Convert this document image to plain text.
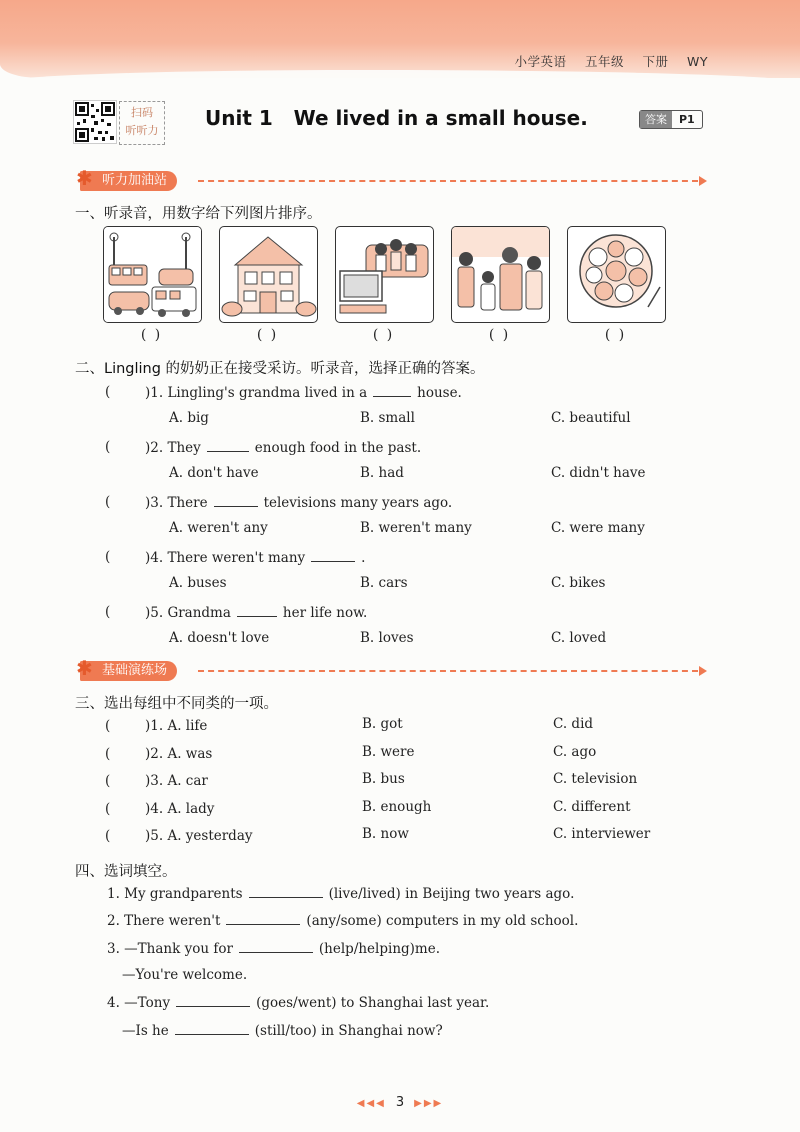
小学英语 五年级 下册 WY
扫码
听听力
Unit 1   We lived in a small house.	答案	P1
✱ 听力加油站
一、听录音，用数字给下列图片排序。
( )	( )	( )	( )	( )
二、Lingling 的奶奶正在接受采访。听录音，选择正确的答案。
(	)1. Lingling's grandma lived in a	house.
A. big	B. small	C. beautiful
(	)2. They	enough food in the past.
A. don't have	B. had	C. didn't have
(	)3. There	televisions many years ago.
A. weren't any	B. weren't many	C. were many
(	)4. There weren't many	.
A. buses	B. cars	C. bikes
(	)5. Grandma	her life now.
A. doesn't love	B. loves	C. loved
✱ 基础演练场
三、选出每组中不同类的一项。
(	)1. A. life	B. got	C. did
(	)2. A. was	B. were	C. ago
(	)3. A. car	B. bus	C. television
(	)4. A. lady	B. enough	C. different
(	)5. A. yesterday	B. now	C. interviewer
四、选词填空。
1. My grandparents	(live/lived) in Beijing two years ago.
2. There weren't	(any/some) computers in my old school.
3. —Thank you for	(help/helping)me.
—You're welcome.
4. —Tony	(goes/went) to Shanghai last year.
—Is he	(still/too) in Shanghai now?
◀◀◀ 3 ▶▶▶
